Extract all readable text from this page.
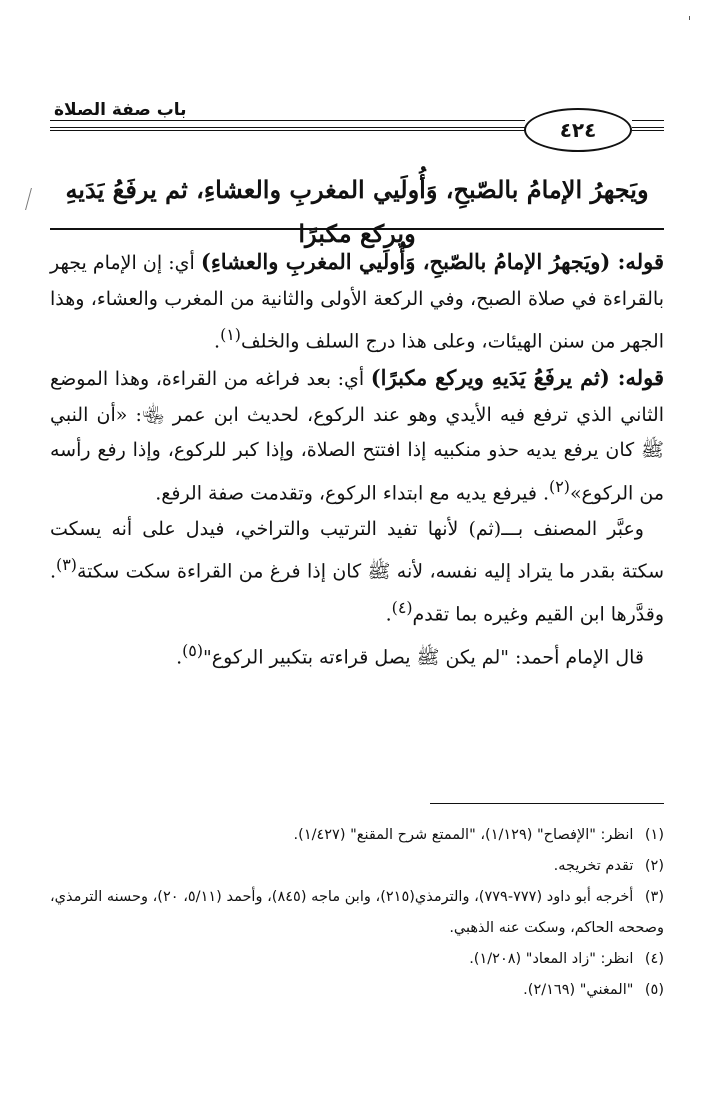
باب صفة الصلاة
٤٢٤
ويَجهرُ الإمامُ بالصّبحِ، وَأُولَيي المغربِ والعشاءِ، ثم يرفَعُ يَدَيهِ ويركع مكبرًا

قوله: (ويَجهرُ الإمامُ بالصّبحِ، وَأُولَيي المغربِ والعشاءِ) أي: إن الإمام يجهر بالقراءة في صلاة الصبح، وفي الركعة الأولى والثانية من المغرب والعشاء، وهذا الجهر من سنن الهيئات، وعلى هذا درج السلف والخلف$^{(١)}$.

قوله: (ثم يرفَعُ يَدَيهِ ويركع مكبرًا) أي: بعد فراغه من القراءة، وهذا الموضع الثاني الذي ترفع فيه الأيدي وهو عند الركوع، لحديث ابن عمر ﵄: «أن النبي ﷺ كان يرفع يديه حذو منكبيه إذا افتتح الصلاة، وإذا كبر للركوع، وإذا رفع رأسه من الركوع»$^{(٢)}$. فيرفع يديه مع ابتداء الركوع، وتقدمت صفة الرفع.

وعبَّر المصنف بـــ(ثم) لأنها تفيد الترتيب والتراخي، فيدل على أنه يسكت سكتة بقدر ما يتراد إليه نفسه، لأنه ﷺ كان إذا فرغ من القراءة سكت سكتة$^{(٣)}$. وقدَّرها ابن القيم وغيره بما تقدم$^{(٤)}$.

قال الإمام أحمد: "لم يكن ﷺ يصل قراءته بتكبير الركوع"$^{(٥)}$.

(١) انظر: "الإفصاح" (١/١٢٩)، "الممتع شرح المقنع" (١/٤٢٧).

(٢) تقدم تخريجه.

(٣) أخرجه أبو داود (٧٧٧-٧٧٩)، والترمذي(٢١٥)، وابن ماجه (٨٤٥)، وأحمد (٥/١١، ٢٠)، وحسنه الترمذي، وصححه الحاكم، وسكت عنه الذهبي.

(٤) انظر: "زاد المعاد" (١/٢٠٨).

(٥) "المغني" (٢/١٦٩).
